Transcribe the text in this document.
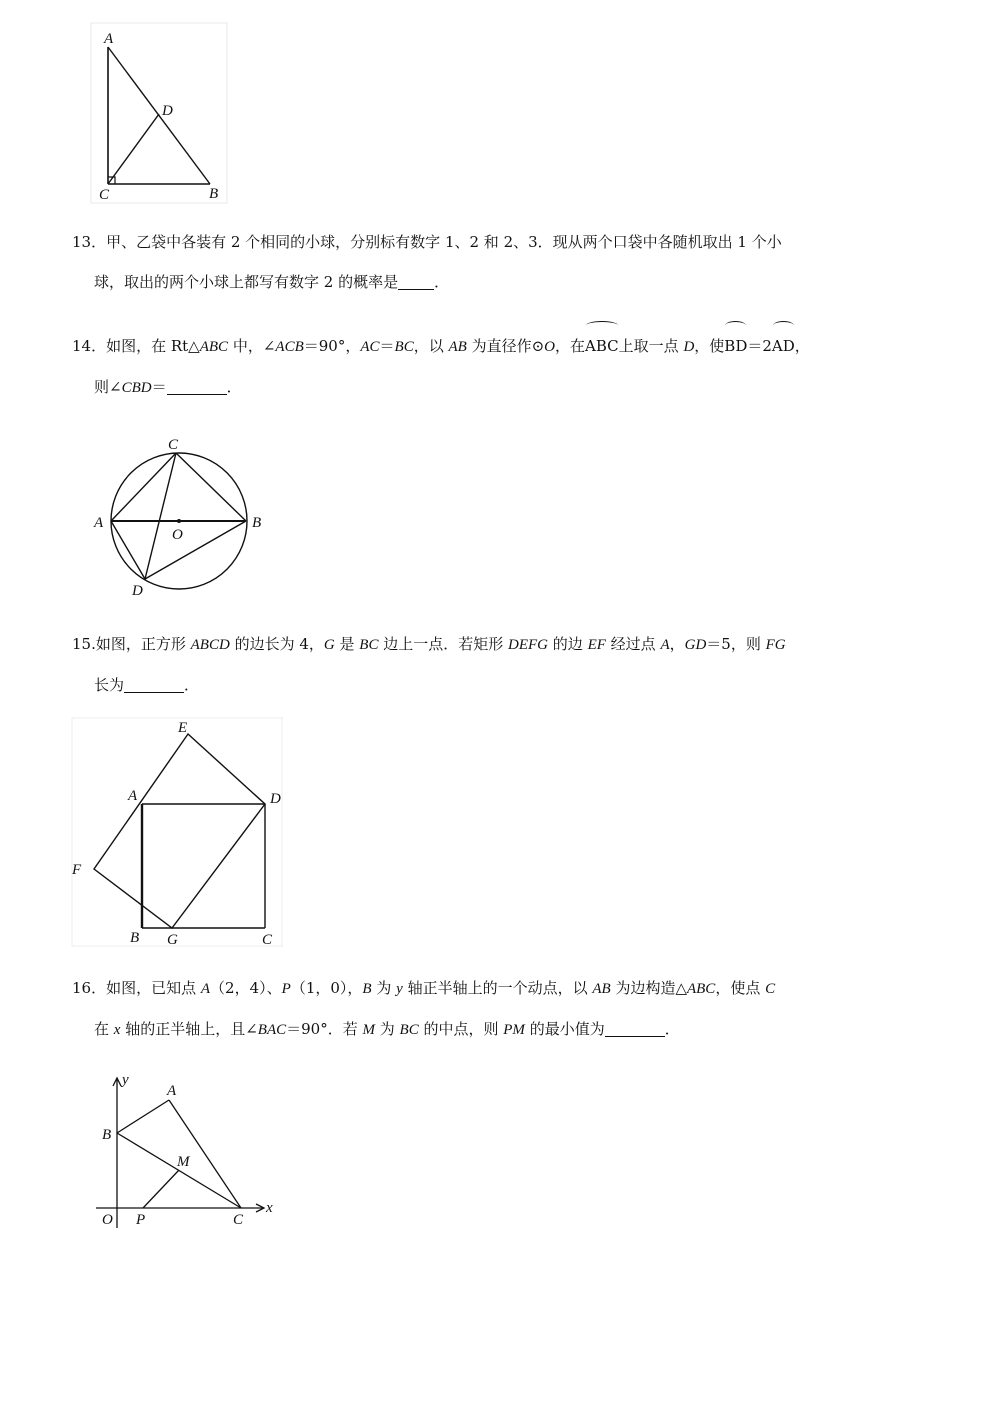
A
D
C	B
13．甲、乙袋中各装有 2 个相同的小球，分别标有数字 1、2 和 2、3．现从两个口袋中各随机取出 1 个小
球，取出的两个小球上都写有数字 2 的概率是 ．
14．如图，在 Rt△ABC 中，∠ACB＝90°，AC＝BC，以 AB 为直径作⊙O，在ABC上取一点 D，使BD＝2AD，
则∠CBD＝	．
C
A	B
O
D
15.如图，正方形 ABCD 的边长为 4，G 是 BC 边上一点．若矩形 DEFG 的边 EF 经过点 A，GD＝5，则 FG
长为	．
E
A	D
F
B G	C
16．如图，已知点 A（2，4）、P（1，0），B 为 y 轴正半轴上的一个动点，以 AB 为边构造△ABC，使点 C
在 x 轴的正半轴上，且∠BAC＝90°．若 M 为 BC 的中点，则 PM 的最小值为	．
y
A
B
M
O P	C
x
